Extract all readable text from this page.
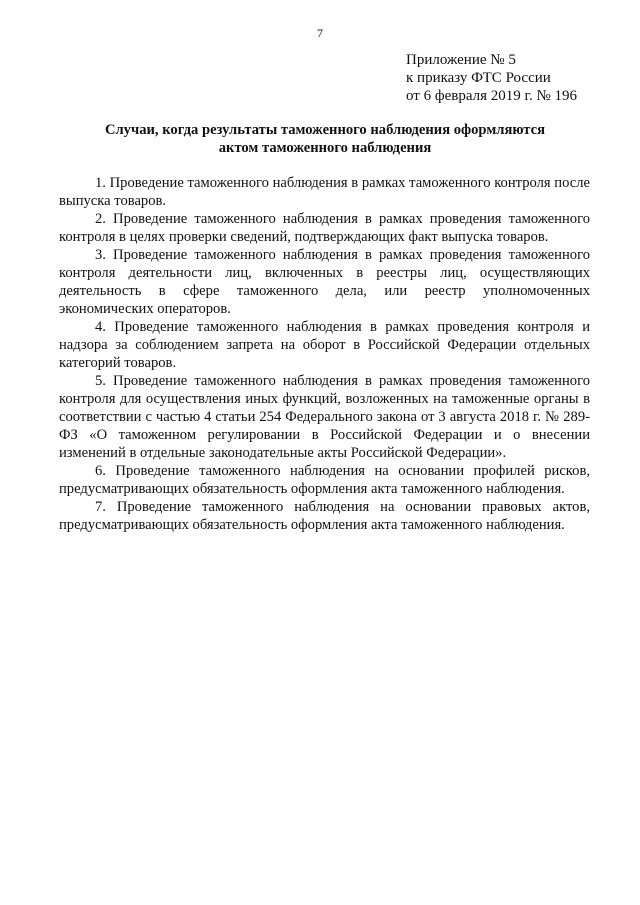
7
Приложение № 5
к приказу ФТС России
от 6 февраля 2019 г. № 196
Случаи, когда результаты таможенного наблюдения оформляются
актом таможенного наблюдения

1. Проведение таможенного наблюдения в рамках таможенного контроля после выпуска товаров.

2. Проведение таможенного наблюдения в рамках проведения таможенного контроля в целях проверки сведений, подтверждающих факт выпуска товаров.

3. Проведение таможенного наблюдения в рамках проведения таможенного контроля деятельности лиц, включенных в реестры лиц, осуществляющих деятельность в сфере таможенного дела, или реестр уполномоченных экономических операторов.

4. Проведение таможенного наблюдения в рамках проведения контроля и надзора за соблюдением запрета на оборот в Российской Федерации отдельных категорий товаров.

5. Проведение таможенного наблюдения в рамках проведения таможенного контроля для осуществления иных функций, возложенных на таможенные органы в соответствии с частью 4 статьи 254 Федерального закона от 3 августа 2018 г. № 289-ФЗ «О таможенном регулировании в Российской Федерации и о внесении изменений в отдельные законодательные акты Российской Федерации».

6. Проведение таможенного наблюдения на основании профилей рисков, предусматривающих обязательность оформления акта таможенного наблюдения.

7. Проведение таможенного наблюдения на основании правовых актов, предусматривающих обязательность оформления акта таможенного наблюдения.
